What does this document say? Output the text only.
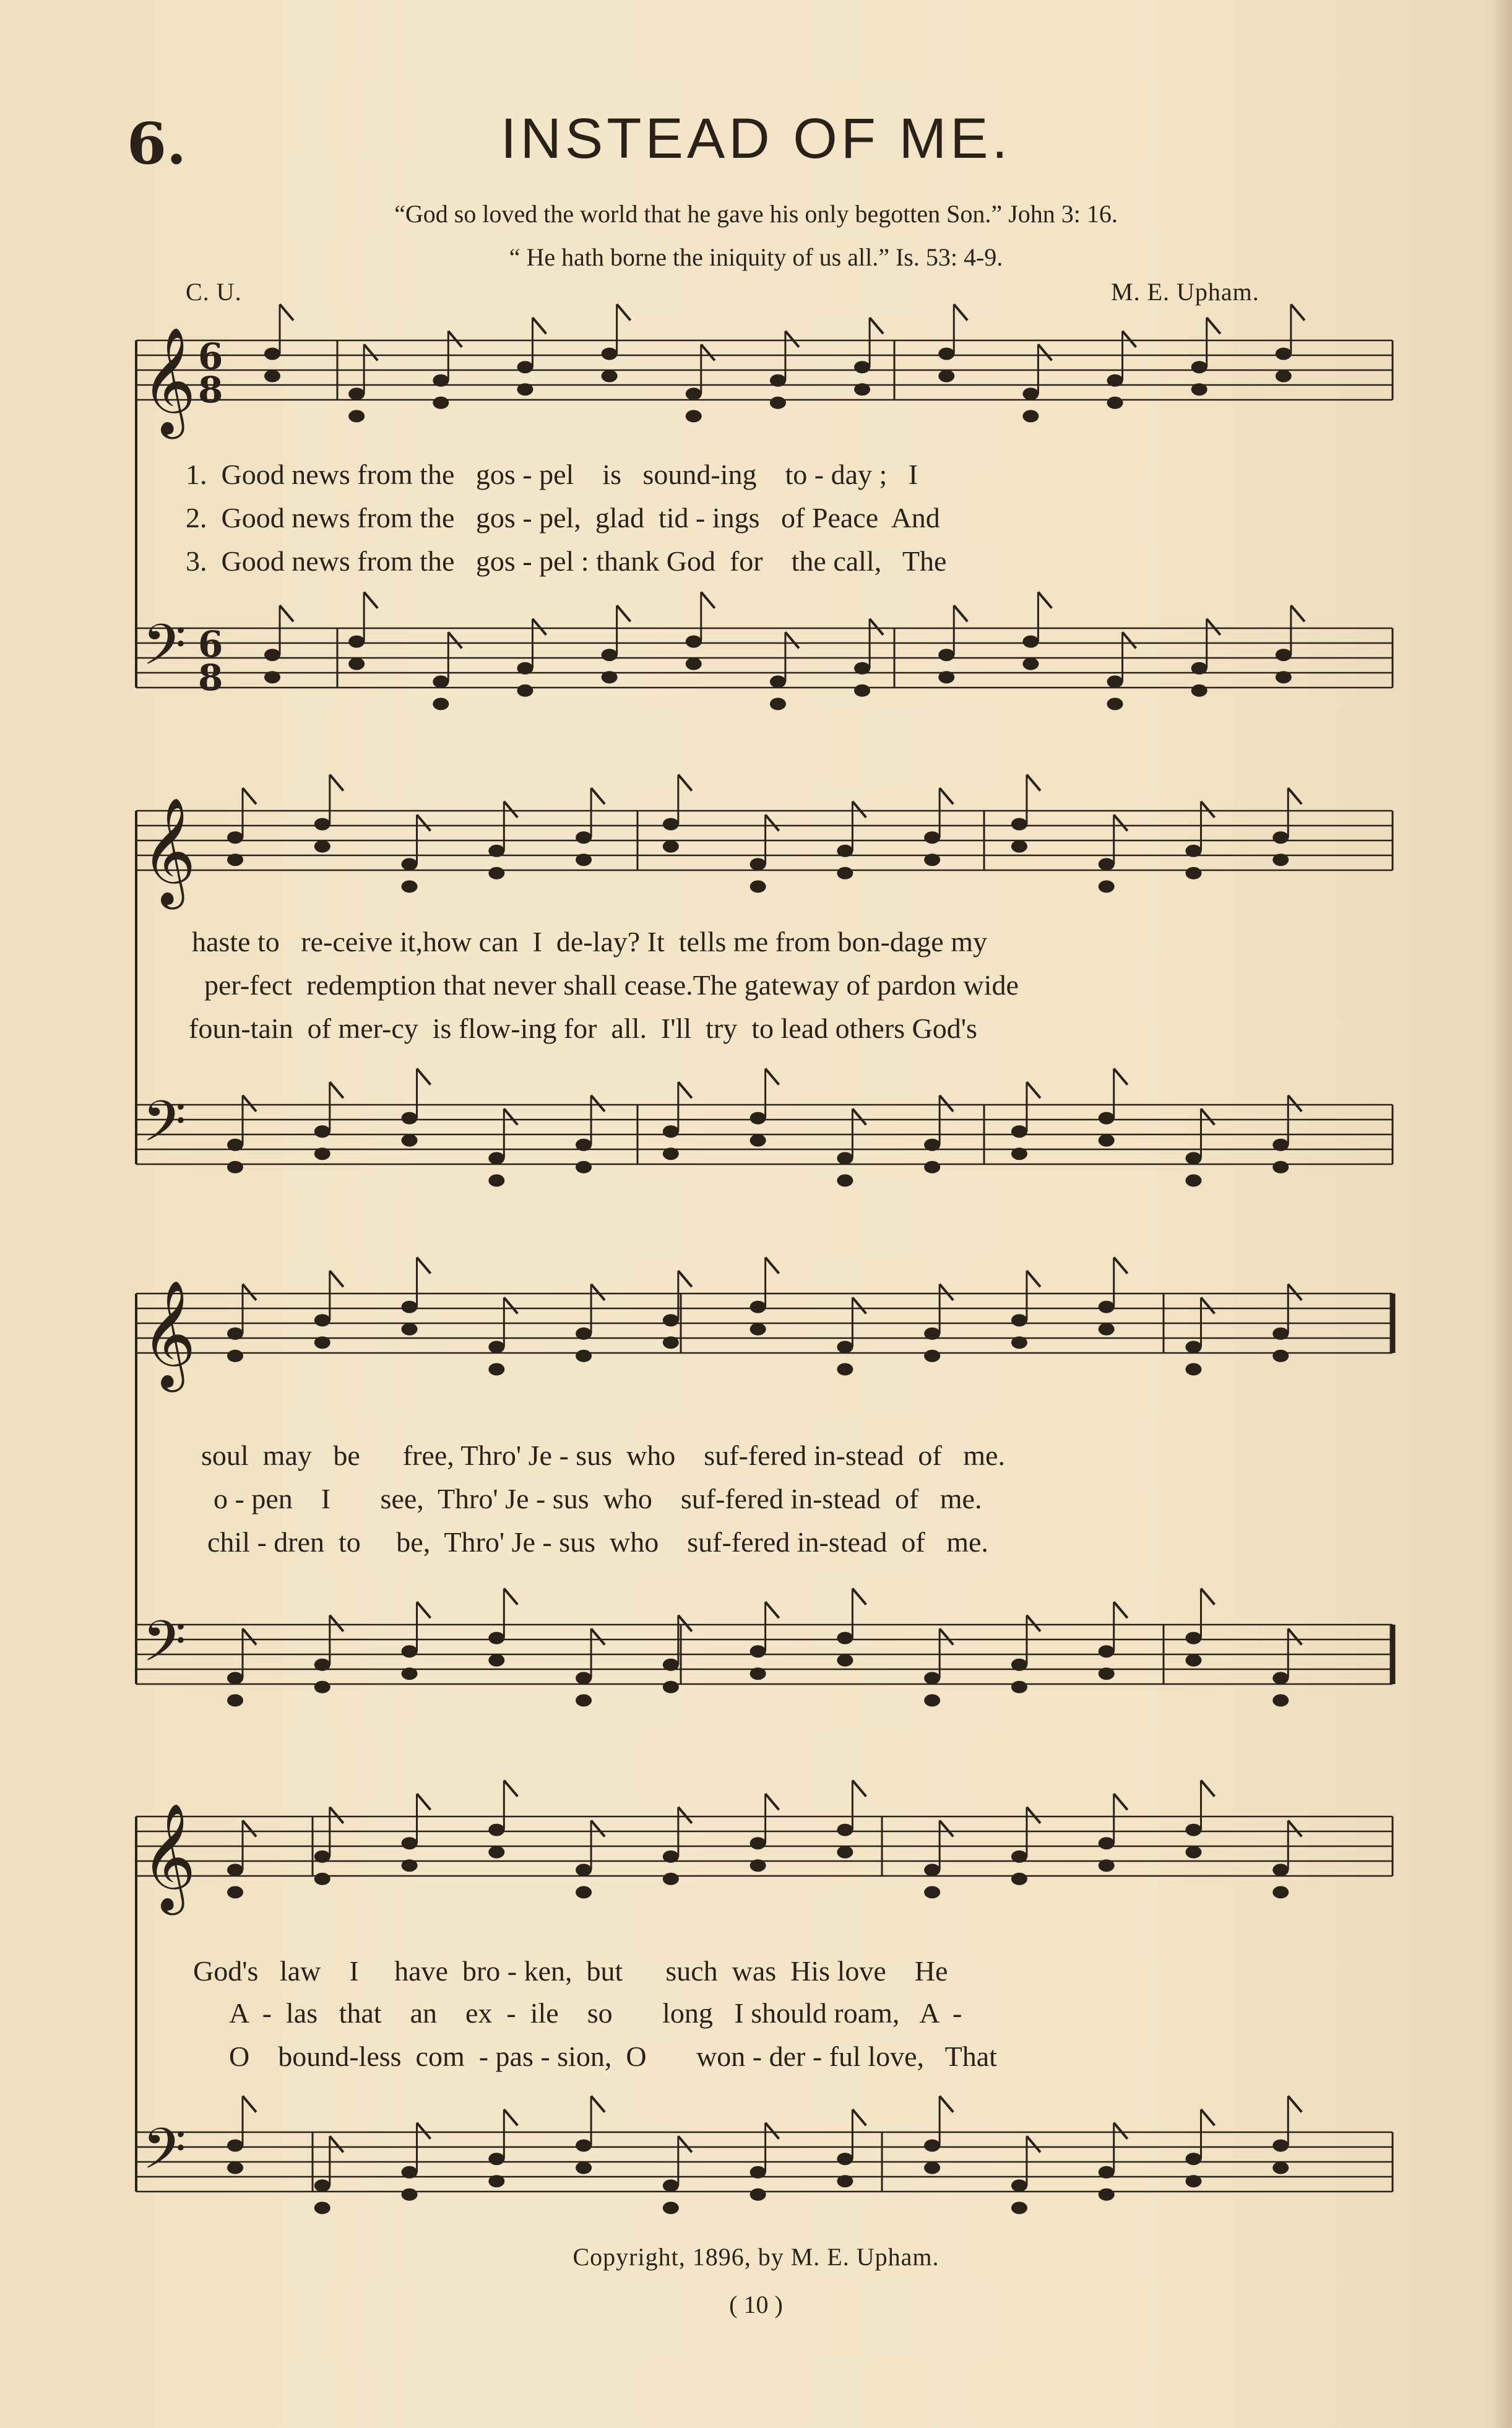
6.	INSTEAD OF ME.
“God so loved the world that he gave his only begotten Son.” John 3: 16.
“ He hath borne the iniquity of us all.” Is. 53: 4-9.
C. U.	M. E. Upham.
𝄞 6
8
𝄢 6
8
𝄞
𝄢
𝄞
𝄢
𝄞
𝄢
1.  Good news from the   gos - pel    is   sound-ing    to - day ;   I
2.  Good news from the   gos - pel,  glad  tid - ings   of Peace  And
3.  Good news from the   gos - pel : thank God  for    the call,   The
haste to   re-ceive it,how can  I  de-lay? It  tells me from bon-dage my
per-fect  redemption that never shall cease.The gateway of pardon wide
foun-tain  of mer-cy  is flow-ing for  all.  I'll  try  to lead others God's
soul  may   be      free, Thro' Je - sus  who    suf-fered in-stead  of   me.
o - pen    I       see,  Thro' Je - sus  who    suf-fered in-stead  of   me.
chil - dren  to     be,  Thro' Je - sus  who    suf-fered in-stead  of   me.
God's   law    I     have  bro - ken,  but      such  was  His love    He
A  -  las   that    an    ex  -  ile    so       long   I should roam,   A  -
O    bound-less  com  - pas - sion,  O       won - der - ful love,   That
Copyright, 1896, by M. E. Upham.
( 10 )
